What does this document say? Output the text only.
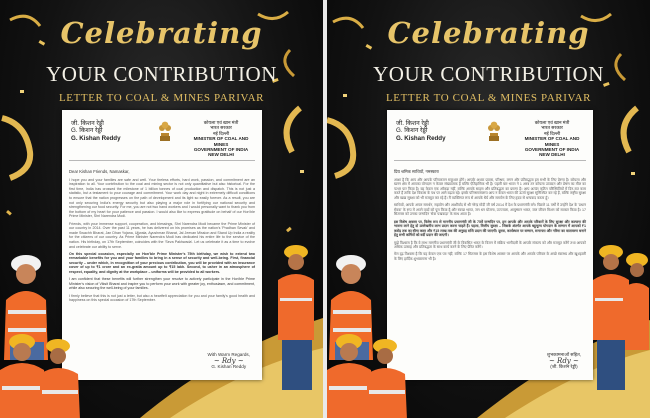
Celebrating
YOUR CONTRIBUTION
LETTER TO COAL & MINES PARIVAR
जी. किशन रेड्डी
G. किशन रेड्डी
G. Kishan Reddy
कोयला एवं खान मंत्री
भारत सरकार
नई दिल्ली
MINISTER OF COAL AND MINES
GOVERNMENT OF INDIA
NEW DELHI

Dear Kishan Friends, Namaskar,

I hope you and your families are safe and well. Your tireless efforts, hard work, passion, and commitment are an inspiration to all. Your contribution to the coal and mining sector is not only quantitative but also historical. For the first time, India has crossed the milestone of 1 billion tonnes of coal production and dispatch. This is not just a statistic, but a testament to your courage and commitment. Your work day and night in extremely difficult conditions to ensure that the nation progresses on the path of development and its light so easily forever. As a result, you are not only securing India's energy security but also playing a major role in fortifying our national security and strengthening our food security. For me, you are not two hand workers and I would personally want to thank you from the bottom of my heart for your patience and passion. I would also like to express gratitude on behalf of our Hon'ble Prime Minister, Shri Narendra Modi.

Friends, with your immense support, cooperation, and blessings, Shri Narendra Modi became the Prime Minister of our country in 2014. Over the past 11 years, he has delivered on his promises as the nation's 'Pradhan Sevak' and made Swachh Bharat, Jan Dhan Yojana, Ujjwala, Ayushman Bharat, Jal Jeevan Mission and Stand Up India a reality for the citizens of our country. As Prime Minister Narendra Modi has dedicated his entire life to the service of the nation. His birthday, on 17th September, coincides with the 'Seva Pakhwada'. Let us celebrate it as a time to evolve and celebrate our ability to serve.

On this special occasion, especially on Hon'ble Prime Minister's 75th birthday, we wish to extend two remarkable benefits for you and your families to bring in a sense of security and well-being. First, financial security – under which, in recognition of your precious contribution, you will be provided with an insurance cover of up to ₹1 crore and an ex-gratia amount up to ₹15 lakh. Second, to usher in an atmosphere of respect, equality, and dignity at the workplace – uniforms will be provided to all workers.

I am confident that these benefits will further strengthen your resolve to actively participate in the Hon'ble Prime Minister's vision of Viksit Bharat and inspire you to perform your work with greater joy, enthusiasm, and commitment, while also securing the well-being of your families.

I firmly believe that this is not just a letter, but also a heartfelt appreciation for you and your family's good health and happiness on this special occasion of 17th September.

With Warm Regards,
~ Rdy ~
G. Kishan Reddy
Celebrating
YOUR CONTRIBUTION
LETTER TO COAL & MINES PARIVAR
जी. किशन रेड्डी
G. किशन रेड्डी
G. Kishan Reddy
कोयला एवं खान मंत्री
भारत सरकार
नई दिल्ली
MINISTER OF COAL AND MINES
GOVERNMENT OF INDIA
NEW DELHI

प्रिय श्रमिक साथियों, नमस्कार!

आशा है कि आप और आपके परिवारजन सकुशल होंगे। आपके अथक प्रयास, परिश्रम, लगन और प्रतिबद्धता हम सभी के लिए प्रेरणा है। कोयला और खनन क्षेत्र में आपका योगदान न केवल संख्यात्मक है बल्कि ऐतिहासिक भी है। पहली बार भारत ने 1 अरब टन कोयला उत्पादन और प्रेषण का मील का पत्थर पार किया है। यह केवल एक आँकड़ा नहीं, बल्कि आपके साहस और प्रतिबद्धता का प्रमाण है। आप अत्यंत कठिन परिस्थितियों में दिन-रात काम करते हैं ताकि देश विकास के पथ पर आगे बढ़ता रहे। इसके परिणामस्वरूप आप न केवल भारत की ऊर्जा सुरक्षा सुनिश्चित कर रहे हैं, बल्कि राष्ट्रीय सुरक्षा और खाद्य सुरक्षा को भी मजबूत कर रहे हैं। मैं व्यक्तिगत रूप से आपके धैर्य और समर्पण के लिए हृदय से धन्यवाद करता हूँ।

साथियों, आपके अपार समर्थन, सहयोग और आशीर्वाद से श्री नरेन्द्र मोदी जी वर्ष 2014 में देश के प्रधानमंत्री बने। पिछले 11 वर्षों में उन्होंने देश के 'प्रधान सेवक' के रूप में अपने वादों को पूरा किया है और स्वच्छ भारत, जन धन योजना, उज्ज्वला, आयुष्मान भारत, जल जीवन मिशन को साकार किया है। 17 सितम्बर को उनका जन्मदिन 'सेवा पखवाड़ा' के साथ आता है।

इस विशेष अवसर पर, विशेष रूप से माननीय प्रधानमंत्री जी के 75वें जन्मदिन पर, हम आपके और आपके परिवारों के लिए सुरक्षा और कल्याण की भावना लाने हेतु दो उल्लेखनीय लाभ प्रदान करना चाहते हैं। पहला, वित्तीय सुरक्षा – जिसके अंतर्गत आपके बहुमूल्य योगदान के सम्मान में आपको ₹1 करोड़ तक का बीमा कवर और ₹15 लाख तक की अनुग्रह राशि प्रदान की जाएगी। दूसरा, कार्यस्थल पर सम्मान, समानता और गरिमा का वातावरण बनाने हेतु सभी कर्मियों को वर्दी प्रदान की जाएगी।

मुझे विश्वास है कि ये लाभ माननीय प्रधानमंत्री जी के विकसित भारत के विजन में सक्रिय भागीदारी के आपके संकल्प को और मजबूत करेंगे तथा आपको अधिक उत्साह और प्रतिबद्धता के साथ कार्य करने के लिए प्रेरित करेंगे।

मेरा दृढ़ विश्वास है कि यह केवल एक पत्र नहीं, बल्कि 17 सितम्बर के इस विशेष अवसर पर आपके और आपके परिवार के अच्छे स्वास्थ्य और खुशहाली के लिए हार्दिक शुभकामना भी है।

शुभकामनाओं सहित,
~ Rdy ~
(जी. किशन रेड्डी)
